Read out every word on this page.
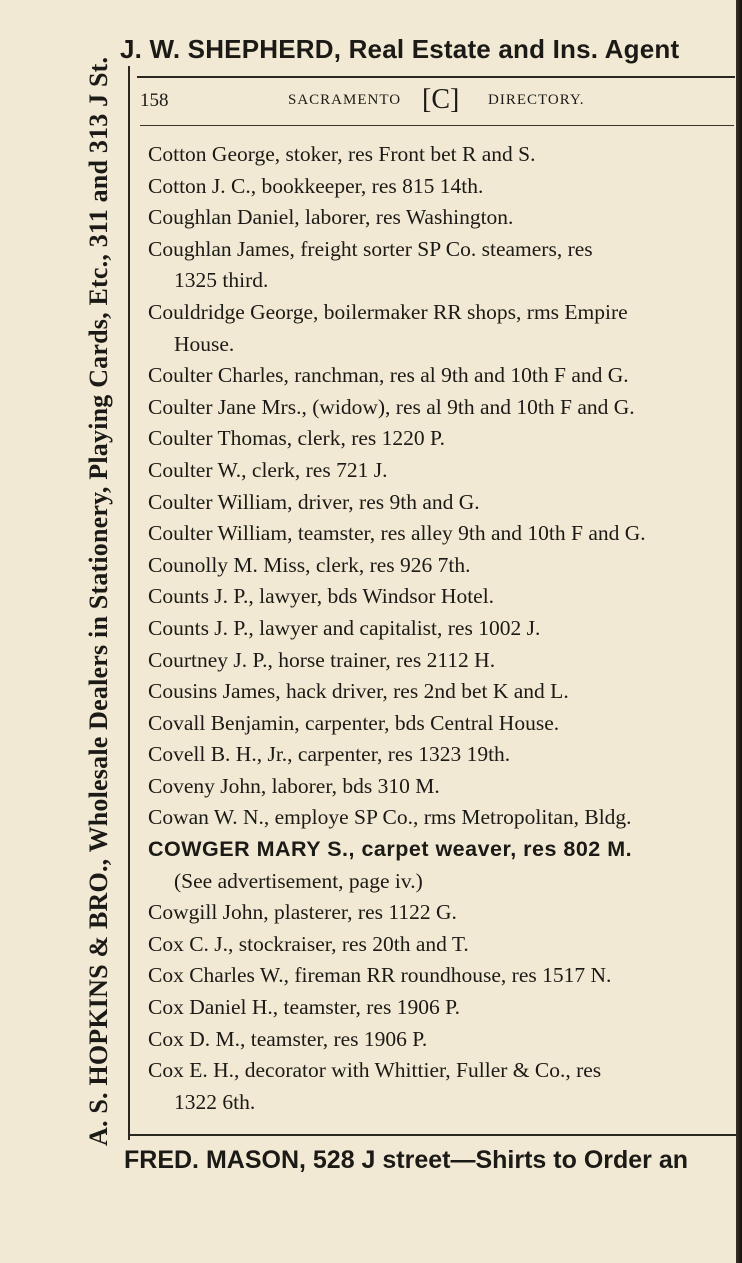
J. W. SHEPHERD, Real Estate and Ins. Agent
A. S. HOPKINS & BRO., Wholesale Dealers in Stationery, Playing Cards, Etc., 311 and 313 J St.	158	SACRAMENTO [C] DIRECTORY.
Cotton George, stoker, res Front bet R and S.
Cotton J. C., bookkeeper, res 815 14th.
Coughlan Daniel, laborer, res Washington.
Coughlan James, freight sorter SP Co. steamers, res
1325 third.
Couldridge George, boilermaker RR shops, rms Empire
House.
Coulter Charles, ranchman, res al 9th and 10th F and G.
Coulter Jane Mrs., (widow), res al 9th and 10th F and G.
Coulter Thomas, clerk, res 1220 P.
Coulter W., clerk, res 721 J.
Coulter William, driver, res 9th and G.
Coulter William, teamster, res alley 9th and 10th F and G.
Counolly M. Miss, clerk, res 926 7th.
Counts J. P., lawyer, bds Windsor Hotel.
Counts J. P., lawyer and capitalist, res 1002 J.
Courtney J. P., horse trainer, res 2112 H.
Cousins James, hack driver, res 2nd bet K and L.
Covall Benjamin, carpenter, bds Central House.
Covell B. H., Jr., carpenter, res 1323 19th.
Coveny John, laborer, bds 310 M.
Cowan W. N., employe SP Co., rms Metropolitan, Bldg.
COWGER MARY S., carpet weaver, res 802 M.
(See advertisement, page iv.)
Cowgill John, plasterer, res 1122 G.
Cox C. J., stockraiser, res 20th and T.
Cox Charles W., fireman RR roundhouse, res 1517 N.
Cox Daniel H., teamster, res 1906 P.
Cox D. M., teamster, res 1906 P.
Cox E. H., decorator with Whittier, Fuller & Co., res
1322 6th.
FRED. MASON, 528 J street—Shirts to Order an
